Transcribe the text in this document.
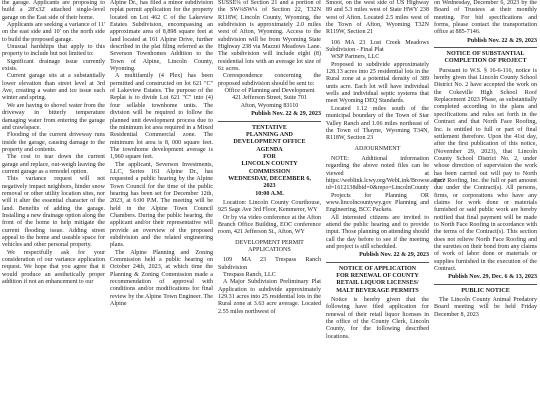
the garage. Applicants are proposing to build a 28'x32' attached single-level garage on the East side of their home.

Applicants are seeking a variance of 11' on the east side and 10' on the north side to build the proposed garage.

Unusual hardships that apply to this property to include but not limited to:

Significant drainage issue currently exists.

Current garage sits at a substantially lower elevation than street level at 3rd Ave, creating a water and ice issue each winter and spring.

We are having to shovel water from the driveway in bitterly temperature damaging water from entering the garage and crawlspace.

Flooding of the current driveway runs inside the garage, causing damage to the property and contents.

The cost to tear down the current garage and replace, out-weigh leaving the current garage as a remodel option.

This variance request will not negatively impact neighbors, hinder snow removal or other utility location sites, nor will it alter the essential character of the land. Benefits of adding the garage. Installing a new drainage option along the front of the home to help mitigate the current flooding issue. Adding street appeal to the home and useable space for vehicles and other personal property.

We respectfully ask for your consideration of our variance application request. We hope that you agree that it would produce an aesthetically proper addition if not an enhancement to our

Alpine Dr., has filed a minor subdivision replat permit application for the property located on Lot 462 C of the Lakeview Estates Subdivision, encompassing an approximate area of 8,898 square feet at land located at 161 Alpine Drive, further described in the plat filing referred as the Severson Townhomes Addition to the Town of Alpine, Lincoln County, Wyoming.

A multifamily (4 Plex) has been permitted and constructed on lot 621 "C" of Lakeview Estates. The purpose of the Replat is to divide Lot 621 "C" into (4) four sellable townhome units. The division will be required to follow the planned unit development process due to the minimum lot area required in a Mixed Residential Commercial zone. The minimum lot area is 8, 000 square feet. The townhome development average is 1,960 square feet.

The applicant, Severson Investments, LLC, Series 161 Alpine Dr., has requested a public hearing by the Alpine Town Council for the time of the public hearing has been set for December 12th, 2023, at 6:00 P.M. The meeting will be held in the Alpine Town Council Chambers. During the public hearing, the applicant and/or their representative will provide an overview of the proposed subdivision and the related engineering plans.

The Alpine Planning and Zoning Commission held a public hearing on October 24th, 2023, at which time the Planning & Zoning Commission made a recommendation of approval with conditions and/or modifications for final review by the Alpine Town Engineer. The Alpine

SUSSE¼ of Section 21 and a portion of the SW¼SW¼ of Section 22, T32N R118W, Lincoln County, Wyoming, the subdivision is approximately 2.0 miles west of Afton, Wyoming. Access to the subdivision will be from Wyoming State Highway 238 via Mazzei Meadows Lane. The subdivision will include eight (8) residential lots with an average lot size of 6± acres.

Correspondence concerning the proposed subdivision should be sent to:

Office of Planning and Development

421 Jefferson Street, Suite 701

Afton, Wyoming 83110

Publish Nov. 22 & 29, 2023

TENTATIVE

PLANNING AND

DEVELOPMENT OFFICE

AGENDA

FOR

LINCOLN COUNTY

COMMISSION

WEDNESDAY, DECEMBER 6,

2023

10:00 A.M.

Location: Lincoln County Courthouse, 925 Sage Ave 3rd Floor, Kemmerer, WY

Or by via video conference at the Afton Branch Office Building, EOC conference room, 421 Jefferson St., Afton, WY

DEVELOPMENT PERMIT APPLICATIONS

109 MA 23 Trespass Ranch Subdivision

Trespass Ranch, LLC

A Major Subdivision Preliminary Plat Application to subdivide approximately 129.31 acres into 25 residential lots in the Rural zone at 3.63 acre average. Located 2.55 miles northwest of

Smoot, on the west side of US Highway 89 and 5.3 miles west of State HWY 238 west of Afton. Located 2.5 miles west of the Town of Afton, Wyoming T32N R119W, Section 21

106 MA 23 Lost Creek Meadows Subdivision - Final Plat

WSP Partners, LLC

Proposed to subdivide approximately 128.13 acres into 25 residential lots in the Rural zone at a potential density of 389 units acre. Each lot will have individual wells and individual septic systems that meet Wyoming DEQ Standards.

Located 1.12 miles south of the municipal boundary of the Town of Star Valley Ranch and 1.06 miles northeast of the Town of Thayne, Wyoming T34N, R118W, Section 23

ADJOURNMENT

NOTE: Additional information regarding the above noted files can be viewed at https://weblink.lcwy.org/WebLink/Browse.aspx?id=1612138dbid=0&repo=LincolnCounty

Projects for Planning OR www.lincolncountywy.gov Planning and Engineering, BCC Packets.

All interested citizens are invited to attend the public hearing and to provide input. Those planning on attending should call the day before to see if the meeting and project is still scheduled.

Publish Nov. 22 & 29, 2023

NOTICE OF APPLICATION

FOR RENEWAL OF COUNTY

RETAIL LIQUOR LICENSES/

MALT BEVERAGE PERMITS

Notice is hereby given that the following have filed application for renewal of their retail liquor licenses in the office of the County Clerk, Lincoln County, for the following described locations.

on Wednesday, December 6, 2023 by the Board of Trustees at their monthly meeting. For bid specifications and forms, please contact the transportation office at 885-7146.

Publish Nov. 22 & 29, 2023

NOTICE OF SUBSTANTIAL

COMPLETION OF PROJECT

Pursuant to W.S. § 16-6-116, notice is hereby given that Lincoln County School District No. 2 have accepted the work on the Cokeville High School Roof Replacement 2023 Phase, as substantially completed according to the plans and specifications and rules set forth in the Contract and that North Face Roofing, Inc. is entitled to full or part of final settlement therefore. Upon the 41st day, after the first publication of this notice, (November 29, 2023), that Lincoln County School District No. 2, under whose direction of supervision the work has been carried out will pay to North Face Roofing, Inc. the full or part amount due under the Contract(s). All persons, firms, or corporations who have any claims for work done or materials furnished or said public work are hereby notified that final payment will be made to North Face Roofing in accordance with the terms of the Contract(s). This section does not relieve North Face Roofing and the sureties on their bond from any claims of work of labor done or materials or supplies furnished in the execution of the Contract.

Publish Nov. 29, Dec. 6 & 13, 2023

PUBLIC NOTICE

The Lincoln County Animal Predatory Board meeting will be held Friday December 8, 2023
